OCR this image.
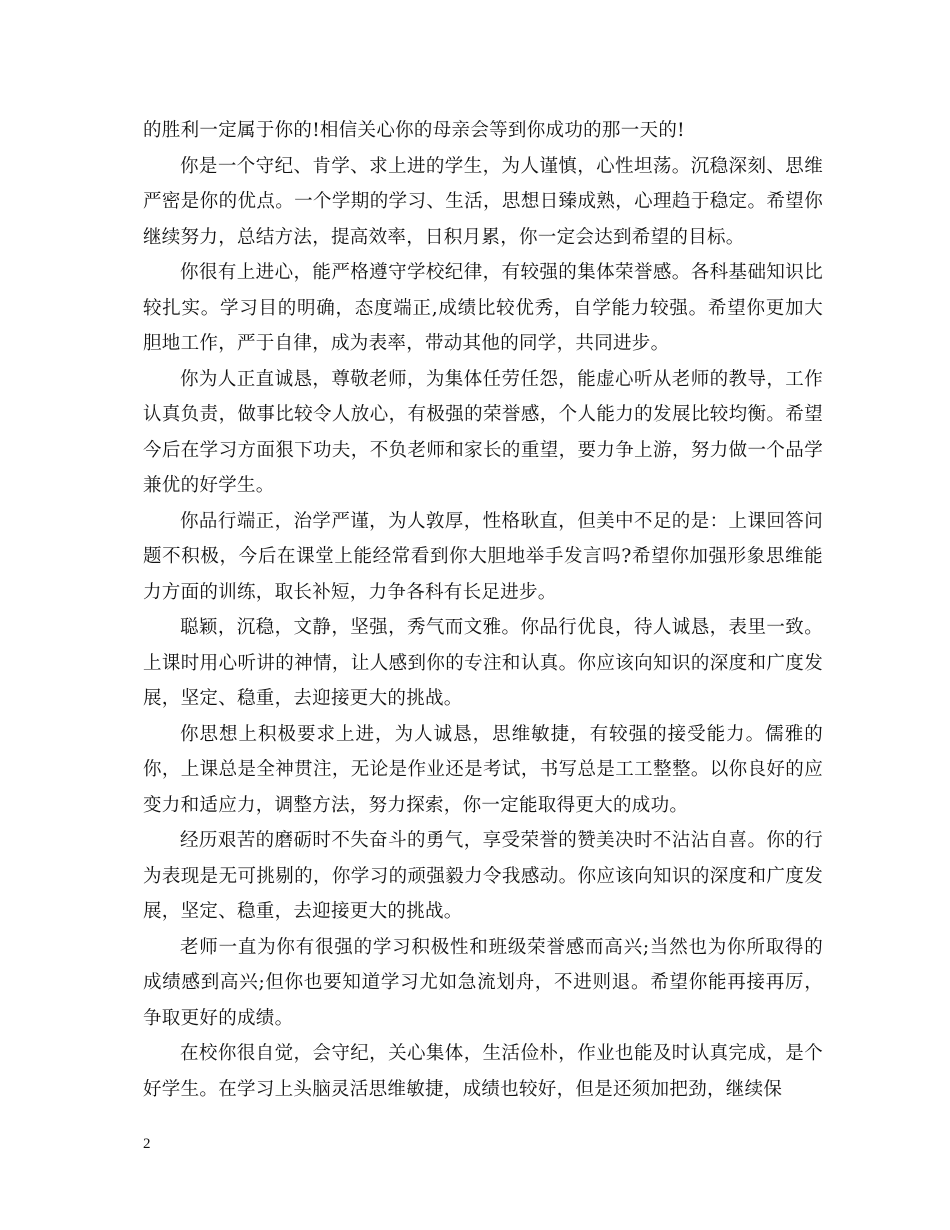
的胜利一定属于你的!相信关心你的母亲会等到你成功的那一天的!

你是一个守纪、肯学、求上进的学生，为人谨慎，心性坦荡。沉稳深刻、思维严密是你的优点。一个学期的学习、生活，思想日臻成熟，心理趋于稳定。希望你继续努力，总结方法，提高效率，日积月累，你一定会达到希望的目标。

你很有上进心，能严格遵守学校纪律，有较强的集体荣誉感。各科基础知识比较扎实。学习目的明确，态度端正,成绩比较优秀，自学能力较强。希望你更加大胆地工作，严于自律，成为表率，带动其他的同学，共同进步。

你为人正直诚恳，尊敬老师，为集体任劳任怨，能虚心听从老师的教导，工作认真负责，做事比较令人放心，有极强的荣誉感，个人能力的发展比较均衡。希望今后在学习方面狠下功夫，不负老师和家长的重望，要力争上游，努力做一个品学兼优的好学生。

你品行端正，治学严谨，为人敦厚，性格耿直，但美中不足的是：上课回答问题不积极，今后在课堂上能经常看到你大胆地举手发言吗?希望你加强形象思维能力方面的训练，取长补短，力争各科有长足进步。

聪颖，沉稳，文静，坚强，秀气而文雅。你品行优良，待人诚恳，表里一致。上课时用心听讲的神情，让人感到你的专注和认真。你应该向知识的深度和广度发展，坚定、稳重，去迎接更大的挑战。

你思想上积极要求上进，为人诚恳，思维敏捷，有较强的接受能力。儒雅的你，上课总是全神贯注，无论是作业还是考试，书写总是工工整整。以你良好的应变力和适应力，调整方法，努力探索，你一定能取得更大的成功。

经历艰苦的磨砺时不失奋斗的勇气，享受荣誉的赞美决时不沾沾自喜。你的行为表现是无可挑剔的，你学习的顽强毅力令我感动。你应该向知识的深度和广度发展，坚定、稳重，去迎接更大的挑战。

老师一直为你有很强的学习积极性和班级荣誉感而高兴;当然也为你所取得的成绩感到高兴;但你也要知道学习尤如急流划舟，不进则退。希望你能再接再厉，争取更好的成绩。

在校你很自觉，会守纪，关心集体，生活俭朴，作业也能及时认真完成，是个好学生。在学习上头脑灵活思维敏捷，成绩也较好，但是还须加把劲，继续保

2
